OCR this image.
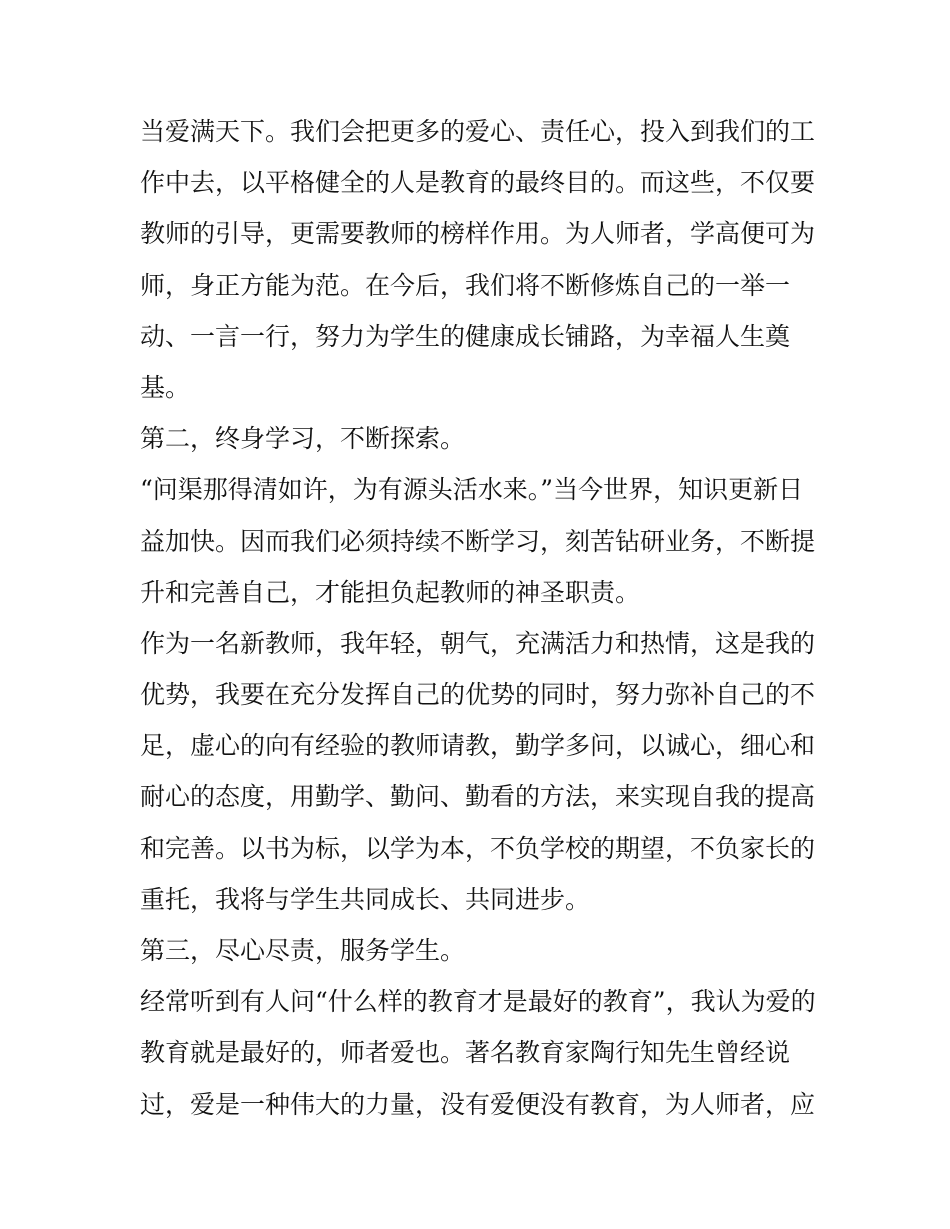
当爱满天下。我们会把更多的爱心、责任心，投入到我们的工
作中去，以平格健全的人是教育的最终目的。而这些，不仅要
教师的引导，更需要教师的榜样作用。为人师者，学高便可为
师，身正方能为范。在今后，我们将不断修炼自己的一举一
动、一言一行，努力为学生的健康成长铺路，为幸福人生奠
基。
第二，终身学习，不断探索。
“问渠那得清如许，为有源头活水来。”当今世界，知识更新日
益加快。因而我们必须持续不断学习，刻苦钻研业务，不断提
升和完善自己，才能担负起教师的神圣职责。
作为一名新教师，我年轻，朝气，充满活力和热情，这是我的
优势，我要在充分发挥自己的优势的同时，努力弥补自己的不
足，虚心的向有经验的教师请教，勤学多问，以诚心，细心和
耐心的态度，用勤学、勤问、勤看的方法，来实现自我的提高
和完善。以书为标，以学为本，不负学校的期望，不负家长的
重托，我将与学生共同成长、共同进步。
第三，尽心尽责，服务学生。
经常听到有人问“什么样的教育才是最好的教育”，我认为爱的
教育就是最好的，师者爱也。著名教育家陶行知先生曾经说
过，爱是一种伟大的力量，没有爱便没有教育，为人师者，应
